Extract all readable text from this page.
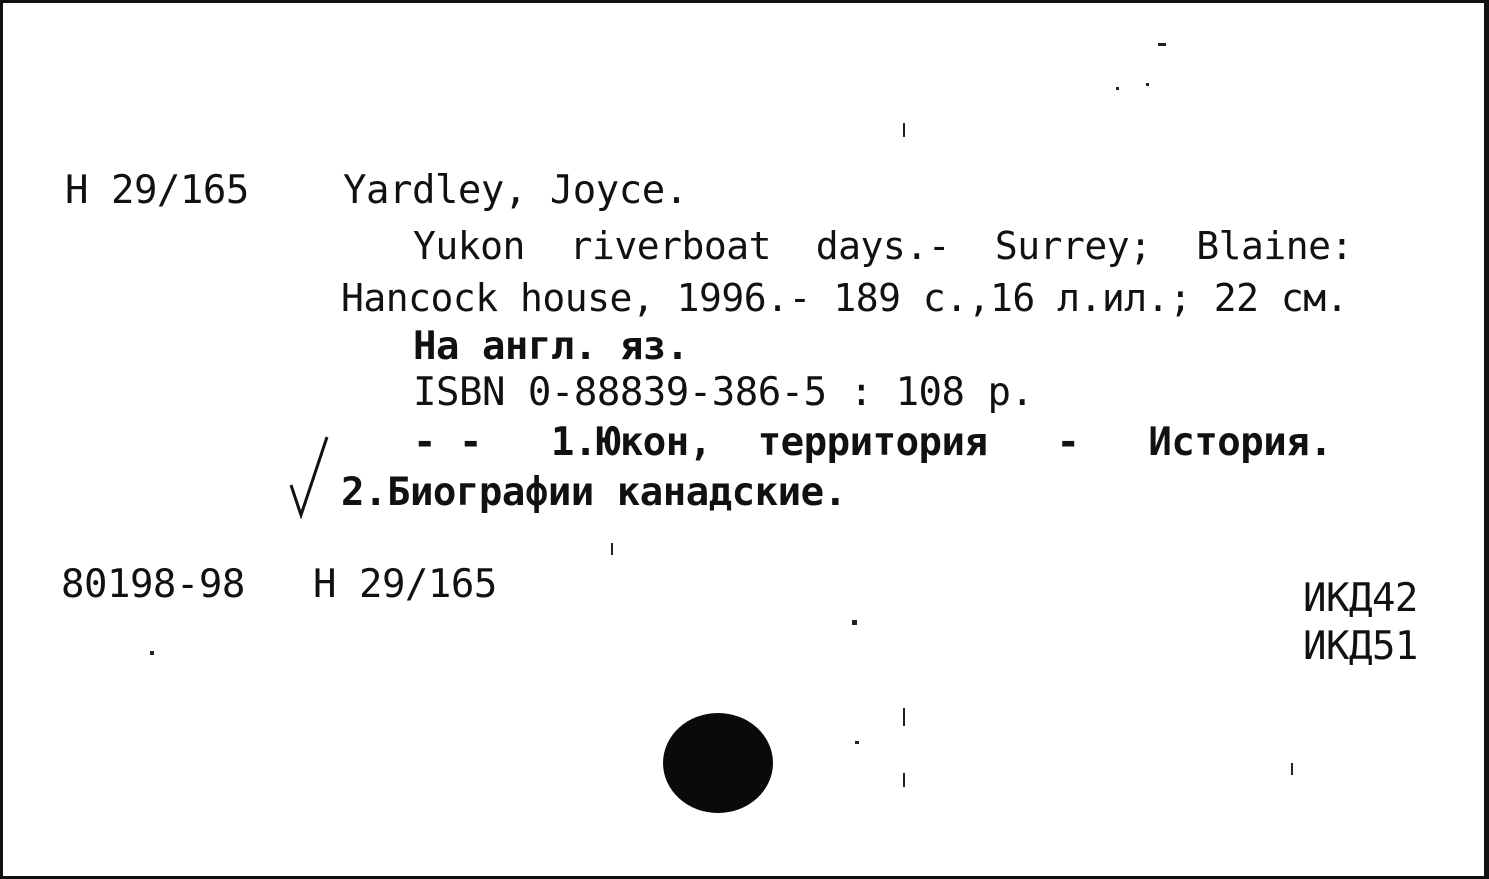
Н 29/165 Yardley, Joyce.
Yukon  riverboat  days.-  Surrey;  Blaine:
Hancock house, 1996.- 189 с.,16 л.ил.; 22 см.
На англ. яз.
ISBN 0-88839-386-5 : 108 р.
- -   1.Юкон,  территория   -   История.
2.Биографии канадские.
80198-98 Н 29/165	ИКД42
ИКД51
